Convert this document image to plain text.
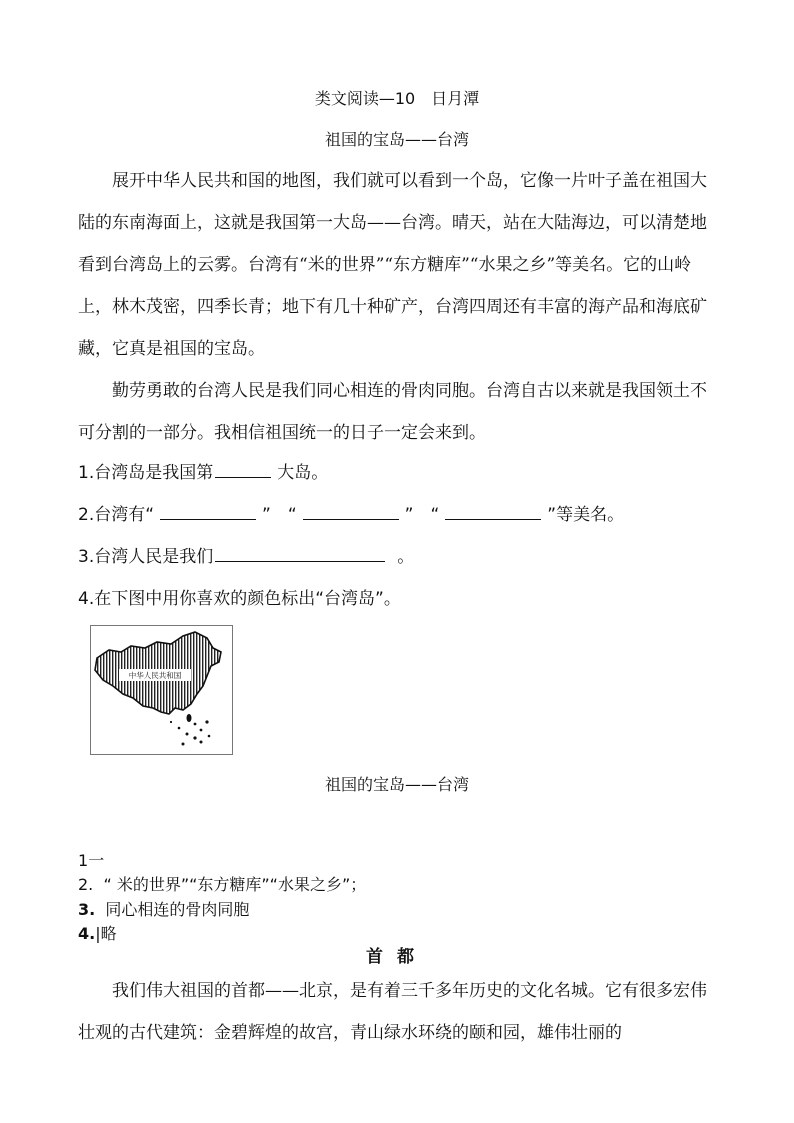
类文阅读—10　日月潭
祖国的宝岛——台湾

展开中华人民共和国的地图，我们就可以看到一个岛，它像一片叶子盖在祖国大陆的东南海面上，这就是我国第一大岛——台湾。晴天，站在大陆海边，可以清楚地看到台湾岛上的云雾。台湾有“米的世界”“东方糖库”“水果之乡”等美名。它的山岭上，林木茂密，四季长青；地下有几十种矿产，台湾四周还有丰富的海产品和海底矿藏，它真是祖国的宝岛。

勤劳勇敢的台湾人民是我们同心相连的骨肉同胞。台湾自古以来就是我国领土不可分割的一部分。我相信祖国统一的日子一定会来到。

1.台湾岛是我国第	大岛。
2.台湾有“	”　“	”　“	”等美名。
3.台湾人民是我们	。
4.在下图中用你喜欢的颜色标出“台湾岛”。
中华人民共和国
祖国的宝岛——台湾
1一
2. “ 米的世界”“东方糖库”“水果之乡”；
3. 同心相连的骨肉同胞
4.|略
首都

我们伟大祖国的首都——北京，是有着三千多年历史的文化名城。它有很多宏伟壮观的古代建筑：金碧辉煌的故宫，青山绿水环绕的颐和园，雄伟壮丽的
